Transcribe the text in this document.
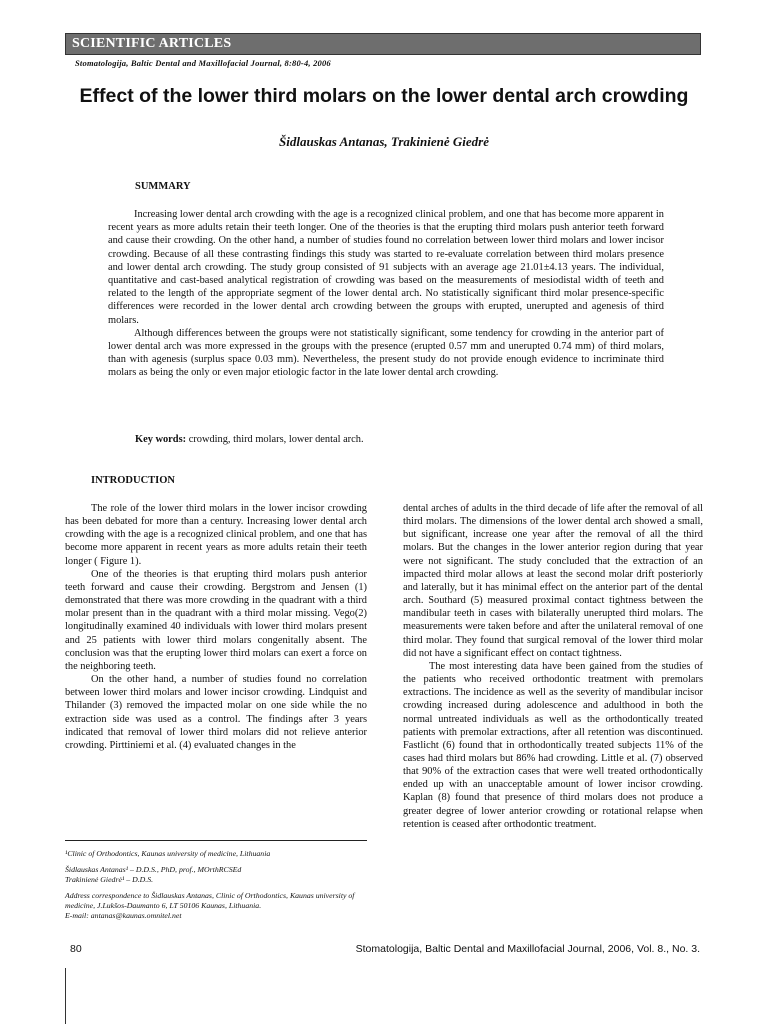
SCIENTIFIC ARTICLES
Stomatologija, Baltic Dental and Maxillofacial Journal, 8:80-4, 2006
Effect of the lower third molars on the lower dental arch crowding
Šidlauskas Antanas, Trakinienė Giedrė
SUMMARY

Increasing lower dental arch crowding with the age is a recognized clinical problem, and one that has become more apparent in recent years as more adults retain their teeth longer. One of the theories is that the erupting third molars push anterior teeth forward and cause their crowding. On the other hand, a number of studies found no correlation between lower third molars and lower incisor crowding. Because of all these contrasting findings this study was started to re-evaluate correlation between third molars presence and lower dental arch crowding. The study group consisted of 91 subjects with an average age 21.01±4.13 years. The individual, quantitative and cast-based analytical registration of crowding was based on the measurements of mesiodistal width of teeth and related to the length of the appropriate segment of the lower dental arch. No statistically significant third molar presence-specific differences were recorded in the lower dental arch crowding between the groups with erupted, unerupted and agenesis of third molars.

Although differences between the groups were not statistically significant, some tendency for crowding in the anterior part of lower dental arch was more expressed in the groups with the presence (erupted 0.57 mm and unerupted 0.74 mm) of third molars, than with agenesis (surplus space 0.03 mm). Nevertheless, the present study do not provide enough evidence to incriminate third molars as being the only or even major etiologic factor in the late lower dental arch crowding.

Key words: crowding, third molars, lower dental arch.
INTRODUCTION

The role of the lower third molars in the lower incisor crowding has been debated for more than a century. Increasing lower dental arch crowding with the age is a recognized clinical problem, and one that has become more apparent in recent years as more adults retain their teeth longer ( Figure 1).

One of the theories is that erupting third molars push anterior teeth forward and cause their crowding. Bergstrom and Jensen (1) demonstrated that there was more crowding in the quadrant with a third molar present than in the quadrant with a third molar missing. Vego(2) longitudinally examined 40 individuals with lower third molars present and 25 patients with lower third molars congenitally absent. The conclusion was that the erupting lower third molars can exert a force on the neighboring teeth.

On the other hand, a number of studies found no correlation between lower third molars and lower incisor crowding. Lindquist and Thilander (3) removed the impacted molar on one side while the no extraction side was used as a control. The findings after 3 years indicated that removal of lower third molars did not relieve anterior crowding. Pirttiniemi et al. (4) evaluated changes in the

dental arches of adults in the third decade of life after the removal of all third molars. The dimensions of the lower dental arch showed a small, but significant, increase one year after the removal of all the third molars. But the changes in the lower anterior region during that year were not significant. The study concluded that the extraction of an impacted third molar allows at least the second molar drift posteriorly and laterally, but it has minimal effect on the anterior part of the dental arch. Southard (5) measured proximal contact tightness between the mandibular teeth in cases with bilaterally unerupted third molars. The measurements were taken before and after the unilateral removal of one third molar. They found that surgical removal of the lower third molar did not have a significant effect on contact tightness.

The most interesting data have been gained from the studies of the patients who received orthodontic treatment with premolars extractions. The incidence as well as the severity of mandibular incisor crowding increased during adolescence and adulthood in both the normal untreated individuals as well as the orthodontically treated patients with premolar extractions, after all retention was discontinued. Fastlicht (6) found that in orthodontically treated subjects 11% of the cases had third molars but 86% had crowding. Little et al. (7) observed that 90% of the extraction cases that were well treated orthodontically ended up with an unacceptable amount of lower incisor crowding. Kaplan (8) found that presence of third molars does not produce a greater degree of lower anterior crowding or rotational relapse when retention is ceased after orthodontic treatment.

¹Clinic of Orthodontics, Kaunas university of medicine, Lithuania

Šidlauskas Antanas¹ – D.D.S., PhD, prof., MOrthRCSEd
Trakinienė Giedrė¹ – D.D.S.

Address correspondence to Šidlauskas Antanas, Clinic of Orthodontics, Kaunas university of medicine, J.Lukšos-Daumanto 6, LT 50106 Kaunas, Lithuania.
E-mail: antanas@kaunas.omnitel.net

80	Stomatologija, Baltic Dental and Maxillofacial Journal, 2006, Vol. 8., No. 3.
